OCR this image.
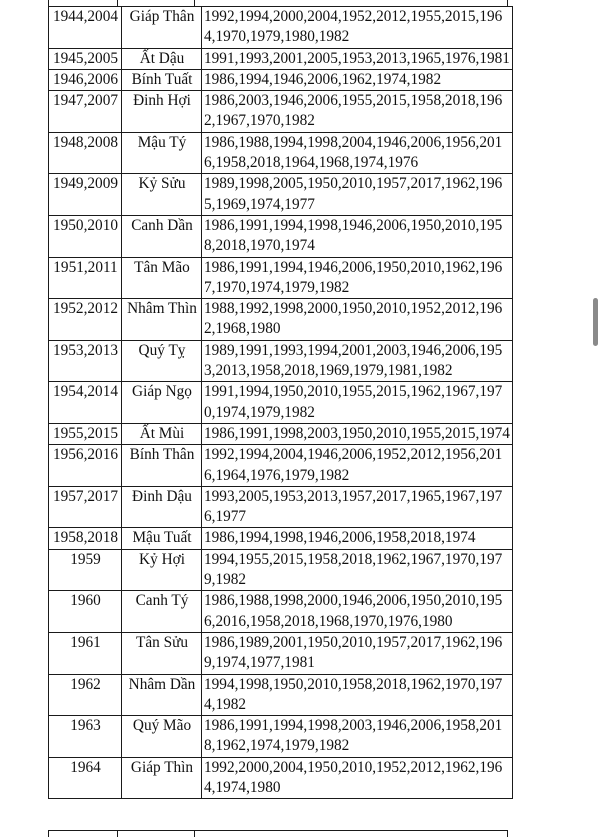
1944,2004	Giáp Thân	1992,1994,2000,2004,1952,2012,1955,2015,1964,1970,1979,1980,1982
1945,2005	Ất Dậu	1991,1993,2001,2005,1953,2013,1965,1976,1981
1946,2006	Bính Tuất	1986,1994,1946,2006,1962,1974,1982
1947,2007	Đinh Hợi	1986,2003,1946,2006,1955,2015,1958,2018,1962,1967,1970,1982
1948,2008	Mậu Tý	1986,1988,1994,1998,2004,1946,2006,1956,2016,1958,2018,1964,1968,1974,1976
1949,2009	Kỷ Sửu	1989,1998,2005,1950,2010,1957,2017,1962,1965,1969,1974,1977
1950,2010	Canh Dần	1986,1991,1994,1998,1946,2006,1950,2010,1958,2018,1970,1974
1951,2011	Tân Mão	1986,1991,1994,1946,2006,1950,2010,1962,1967,1970,1974,1979,1982
1952,2012	Nhâm Thìn	1988,1992,1998,2000,1950,2010,1952,2012,1962,1968,1980
1953,2013	Quý Tỵ	1989,1991,1993,1994,2001,2003,1946,2006,1953,2013,1958,2018,1969,1979,1981,1982
1954,2014	Giáp Ngọ	1991,1994,1950,2010,1955,2015,1962,1967,1970,1974,1979,1982
1955,2015	Ất Mùi	1986,1991,1998,2003,1950,2010,1955,2015,1974
1956,2016	Bính Thân	1992,1994,2004,1946,2006,1952,2012,1956,2016,1964,1976,1979,1982
1957,2017	Đinh Dậu	1993,2005,1953,2013,1957,2017,1965,1967,1976,1977
1958,2018	Mậu Tuất	1986,1994,1998,1946,2006,1958,2018,1974
1959	Kỷ Hợi	1994,1955,2015,1958,2018,1962,1967,1970,1979,1982
1960	Canh Tý	1986,1988,1998,2000,1946,2006,1950,2010,1956,2016,1958,2018,1968,1970,1976,1980
1961	Tân Sửu	1986,1989,2001,1950,2010,1957,2017,1962,1969,1974,1977,1981
1962	Nhâm Dần	1994,1998,1950,2010,1958,2018,1962,1970,1974,1982
1963	Quý Mão	1986,1991,1994,1998,2003,1946,2006,1958,2018,1962,1974,1979,1982
1964	Giáp Thìn	1992,2000,2004,1950,2010,1952,2012,1962,1964,1974,1980
